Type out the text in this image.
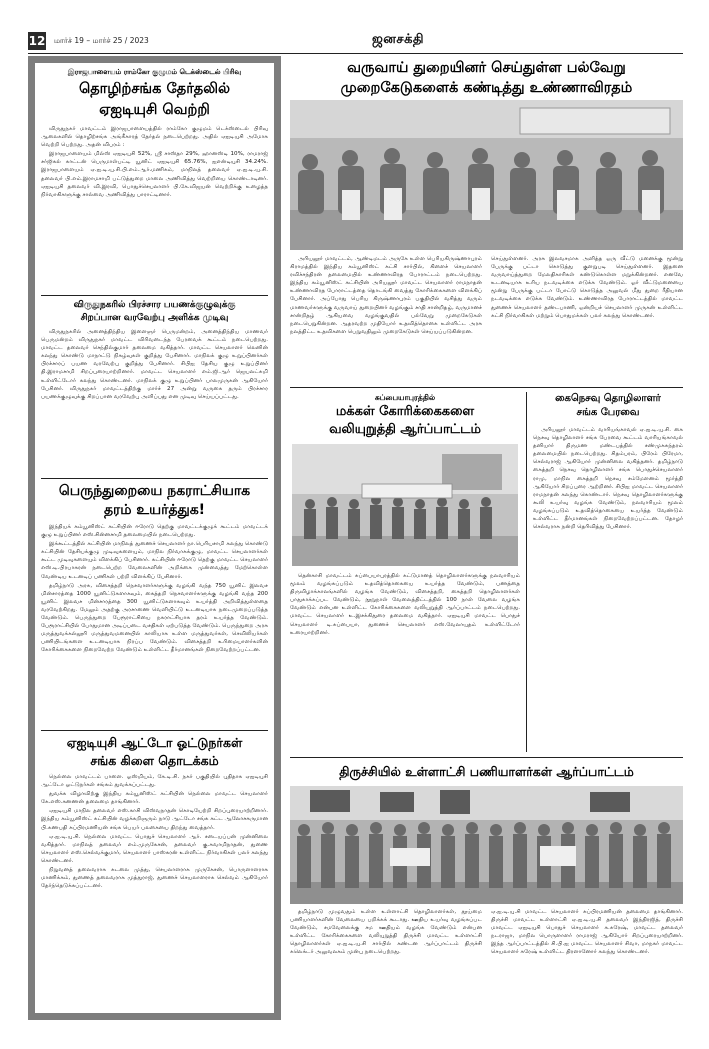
12 மார்ச் 19 – மார்ச் 25 / 2023	ஜனசக்தி
இராஜபாளையம் ராம்கோ குழுமம் டெக்ஸ்டைல் பிரிவு
தொழிற்சங்க தேர்தலில்
ஏஐடியுசி வெற்றி

விருதுநகர் மாவட்டம் இராஜபாளையத்தில் ராம்கோ குழுமம் டெக்ஸ்டைல் பிரிவு ஆலைகளில் தொழிற்சங்க அங்கீகாரத் தேர்தல் நடைபெற்றது. அதில் ஏஐடியுசி அமோக வெற்றி பெற்றது. அதன் விபரம் :

இராஜபாளையம் மில்ஸ் ஏஐடியுசி 52%, ஸ்ரீ சாஸ்தா 29%, ஹானஸ்டி 10%, ராமராஜ் சர்ஜிகல் காட்டன் பெருமாள்பட்டி யூனிட் ஏஐடியுசி 65.76%, ஐஎன்டியுசி 34.24%. இராஜபாளையம் ஏ.ஐ.டி.யு.சி.பி.எம்.ஆர்.மணிகம், மாநிலத் தலைவர் ஏ.ஐ.டி.யு.சி. தலைவர் பி.எம்.இராமசாமி பட்டுத்துறை மாலை அணிவித்து வெற்றியை கொண்டாடினர். ஏஐடியுசி தலைவர் வி.இரவி, பொதுச்செயலாளர் பி.கே.விஜயன் வெற்றிக்கு உழைத்த நிர்வாகிகளுக்கு சால்வை அணிவித்து பாராட்டினார்.

விருதுநகரில் பிரச்சார பயணக்குழுவுக்கு
சிறப்பான வரவேற்பு அளிக்க முடிவு

விருதுநகரில் அனைத்திந்திய இளைஞர் பெருமன்றம், அனைத்திந்திய மாணவர் பெருமன்றம் விருதுநகர் மாவட்ட விரிவடைந்த பேரவைக் கூட்டம் நடைபெற்றது. மாவட்ட தலைவர் செந்தில்குமார் தலைமை வகித்தார். மாவட்ட செயலாளர் லெனின் கலந்து கொண்டு மாநாட்டு நிகழ்வுகள் குறித்து பேசினார். மாநிலக் குழு உறுப்பினர்கள் பிரச்சாரப் பயண வரவேற்பு குறித்து பேசினார். சிபிஐ தேசிய குழு உறுப்பினர் தி.இராமசாமி சிறப்புரையாற்றினார். மாவட்ட செயலாளர் எம்.ஜி.ஆர் ஜெயலட்சுமி உள்ளிட்டோர் கலந்து கொண்டனர். மாநிலக் குழு உறுப்பினர் பாலமுருகன் ஆகியோர் பேசினர். விருதுநகர் மாவட்டத்திற்கு மார்ச் 27 அன்று வருகை தரும் பிரச்சார பயணக்குழுவுக்கு சிறப்பான வரவேற்பு அளிப்பது என முடிவு செய்யப்பட்டது.

பெருந்துறையை நகராட்சியாக
தரம் உயர்த்துக!

இந்தியக் கம்யூனிஸ்ட் கட்சியின் ஈரோடு தெற்கு மாவட்டக்குழுக் கூட்டம் மாவட்டக் குழு உறுப்பினர் எஸ்.சின்னசாமி தலைமையில் நடைபெற்றது.

இக்கூட்டத்தில் கட்சியின் மாநிலத் துணைச் செயலாளர் நா.பெரியசாமி கலந்து கொண்டு கட்சியின் தேசியக்குழு முடிவுகளையும், மாநில நிர்வாகக்குழு, மாவட்ட செயலாளர்கள் கூட்ட முடிவுகளையும் விளக்கிப் பேசினார். கட்சியின் ஈரோடு தெற்கு மாவட்ட செயலாளர் எஸ்.டி.பிரபாகரன் நடைபெற்ற வேலைகளின் அறிக்கை முன்வைத்து மேற்கொள்ள வேண்டிய உடனடிப் பணிகள் பற்றி விளக்கிப் பேசினார்.

தமிழ்நாடு அரசு, விசைத்தறி நெசவாளர்களுக்கு வழங்கி வந்த 750 யூனிட் இலவச மின்சாரத்தை 1000 யூனிட்டுகளாகவும், கைத்தறி நெசவாளர்களுக்கு வழங்கி வந்த 200 யூனிட் இலவச மின்சாரத்தை 300 யூனிட்டுகளாகவும் உயர்த்தி அறிவித்துள்ளதை வரவேற்கிறது. மேலும் அதற்கு அரசாணை வெளியிட்டு உடனடியாக நடைமுறைப்படுத்த வேண்டும். பெருந்துறை பேரூராட்சியை நகராட்சியாக தரம் உயர்த்த வேண்டும். பேரூராட்சியில் போதுமான அடிப்படை வசதிகள் ஏற்படுத்த வேண்டும். பெருந்துறை அரசு மருத்துவக்கல்லூரி மருத்துவமனையில் காலியாக உள்ள மருத்துவர்கள், செவிலியர்கள் பணியிடங்களை உடனடியாக நிரப்ப வேண்டும். விசைத்தறி உரிமையாளர்களின் கோரிக்கைகளை நிறைவேற்ற வேண்டும் உள்ளிட்ட தீர்மானங்கள் நிறைவேற்றப்பட்டன.

ஏஐடியுசி ஆட்டோ ஓட்டுநர்கள்
சங்க கிளை தொடக்கம்

நெல்லை மாவட்டம் பாளை. ஓஸ்மியம், கே.டி.சி. நகர் பகுதியில் புதிதாக ஏஐடியுசி ஆட்டோ ஓட்டுநர்கள் சங்கம் துவக்கப்பட்டது.

துவக்க விழாவிற்கு இந்திய கம்யூனிஸ்ட் கட்சியின் நெல்லை மாவட்ட செயலாளர் கே.எஸ்.கனணன் தலைமை தாங்கினார்.

ஏஐடியுசி மாநில தலைவர் எஸ்.காசி விஸ்வநாதன் கொடியேற்றி சிறப்புரையாற்றினார். இந்திய கம்யூனிஸ்ட் கட்சியின் வழக்கறிஞரும் நாடு ஆட்டோ சங்க கட்ட ஆலோசகருமான பி.கணபதி சுப்பிரமணியன் சங்க பெயர் பலகையை திறந்து வைத்தார்.

ஏ.ஐ.டி.யு.சி. நெல்லை மாவட்ட பொதுச் செயலாளர் ஆர். சடையப்பன் முன்னிலை வகித்தார். மாநிலத் தலைவர் எம்.முருகேசன், தலைவர் கு.சுவாமிநாதன், துணை செயலாளர் எஸ்.செல்வக்குமார், செயலாளர் பாஸ்கரன் உள்ளிட்ட நிர்வாகிகள் பலர் கலந்து கொண்டனர்.

நிறுவனத் தலைவராக சுடலை முத்து, செயலாளராக முருகேசன், பொருளாளராக மாணிக்கம், துணைத் தலைவராக முத்துராஜ், துணைச் செயலாளராக செல்வம் ஆகியோர் தேர்ந்தெடுக்கப்பட்டனர்.

வருவாய் துறையினர் செய்துள்ள பல்வேறு
முறைகேடுகளைக் கண்டித்து உண்ணாவிரதம்
அரியலூர் மாவட்டம், ஆண்டிமடம் அருகே உள்ள பெரியகிருஷ்ணாபுரம் கிராமத்தில் இந்திய கம்யூனிஸ்ட் கட்சி சார்பில், கிளைச் செயலாளர் ரவிச்சந்திரன் தலைமையில் உண்ணாவிரத போராட்டம் நடைபெற்றது. இந்திய கம்யூனிஸ்ட் கட்சியின் அரியலூர் மாவட்ட செயலாளர் ராமநாதன் உண்ணாவிரத போராட்டத்தை தொடங்கி வைத்து கோரிக்கைகளை விளக்கிப் பேசினார். அப்போது பெரிய கிருஷ்ணாபுரம் பகுதியில் வசித்து வரும் மாணவர்களுக்கு வருவாய் துறையினர் வழங்கும் சாதி சான்றிதழ், வருமானச் சான்றிதழ் ஆகியவை வழங்குவதில் பல்வேறு முறைகேடுகள் நடைபெறுகின்றன. ஆதரவற்ற முதியோர் உதவித்தொகை உள்ளிட்ட அரசு நலத்திட்ட உதவிகளை பெறுவதிலும் முறைகேடுகள் செய்யப்படுகின்றன.
செய்துள்ளனர். அரசு இலவசமாக அளித்த ஒரு வீட்டு மனைக்கு மூன்று பேருக்கு பட்டா கொடுத்து குளறுபடி செய்துள்ளனர். இதனை வருவாய்த்துறை மேலதிகாரிகள் கண்டுகொள்ள மறுக்கின்றனர். எனவே உடனடியாக உரிய நடவடிக்கை எடுக்க வேண்டும். ஓர் வீட்டுமனையை மூன்று பேருக்கு பட்டா போட்டு கொடுத்த அலுவல் மீது துறை ரீதியான நடவடிக்கை எடுக்க வேண்டும். உண்ணாவிரத போராட்டத்தில் மாவட்ட துணைச் செயலாளர் தண்டபாணி, ஒன்றியச் செயலாளர் முருகன் உள்ளிட்ட கட்சி நிர்வாகிகள் மற்றும் பொதுமக்கள் பலர் கலந்து கொண்டனர்.
சுப்பையாபுரத்தில்
மக்கள் கோரிக்கைகளை
வலியுறுத்தி ஆர்ப்பாட்டம்
தென்காசி மாவட்டம் சுப்பையாபுரத்தில் கட்டுமானத் தொழிலாளர்களுக்கு நலவாரியம் மூலம் வழங்கப்படும் உதவித்தொகையை உயர்த்த வேண்டும், பணத்தை திருவிழாக்காலங்களில் வழங்க வேண்டும், விசைத்தறி, கைத்தறி தொழிலாளர்கள் பாதுகாக்கப்பட வேண்டும், நூறுநாள் வேலைத்திட்டத்தில் 100 நாள் வேலை வழங்க வேண்டும் என்பன உள்ளிட்ட கோரிக்கைகளை வலியுறுத்தி ஆர்ப்பாட்டம் நடைபெற்றது. மாவட்ட செயலாளர் உ.இசக்கிதுரை தலைமை வகித்தார். ஏஐடியுசி மாவட்ட பொதுச் செயலாளர் டி.சுப்பையா, துணைச் செயலாளர் எஸ்.வேலாயுதம் உள்ளிட்டோர் உரையாற்றினர்.
கைநெசவு தொழிலாளர்
சங்க பேரவை
அரியலூர் மாவட்டம் வாரியங்காவல் ஏ.ஐ.டி.யு.சி. கை நெசவு தொழிலாளர் சங்க பேரவை கூட்டம் வாரியங்காவல் தனியார் திருமண மண்டபத்தில் சண்முகசுந்தரம் தலைமையில் நடைபெற்றது. சிதம்பரம், பிரேம் பிரேமா, செல்வராஜ் ஆகியோர் முன்னிலை வகித்தனர். தமிழ்நாடு கைத்தறி நெசவு தொழிலாளர் சங்க பொதுச்செயலாளர் ராமு, மாநில கைத்தறி நெசவு சம்மேளனம் மூர்த்தி ஆகியோர் சிறப்புரை ஆற்றினர். சிபிஐ மாவட்ட செயலாளர் ராமநாதன் கலந்து கொண்டார். நெசவு தொழிலாளர்களுக்கு கூலி உயர்வு வழங்க வேண்டும், நலவாரியம் மூலம் வழங்கப்படும் உதவித்தொகையை உயர்த்த வேண்டும் உள்ளிட்ட தீர்மானங்கள் நிறைவேற்றப்பட்டன. தோழர் செல்வராசு நன்றி தெரிவித்து பேசினார்.
திருச்சியில் உள்ளாட்சி பணியாளர்கள் ஆர்ப்பாட்டம்
தமிழ்நாடு முழுவதும் உள்ள உள்ளாட்சி தொழிலாளர்கள், தூய்மை பணியாளர்களின் வேலையை பறிக்கக் கூடாது. ஊதிய உயர்வு வழங்கப்பட வேண்டும், சமவேலைக்கு சம ஊதியம் வழங்க வேண்டும் என்பன உள்ளிட்ட கோரிக்கைகளை வலியுறுத்தி திருச்சி மாவட்ட உள்ளாட்சி தொழிலாளர்கள் ஏ.ஐ.டி.யு.சி சார்பில் கண்டன ஆர்ப்பாட்டம் திருச்சி கலெக்டர் அலுவலகம் முன்பு நடைபெற்றது.
ஏ.ஐ.டி.யு.சி மாவட்ட செயலாளர் சுப்பிரமணியன் தலைமை தாங்கினார். திருச்சி மாவட்ட உள்ளாட்சி ஏ.ஐ.டி.யு.சி தலைவர் இந்திரஜித், திருச்சி மாவட்ட ஏஐடியுசி பொதுச் செயலாளர் க.சுரேஷ், மாவட்ட தலைவர் நடராஜா, மாநில பொருளாளர் ராமராஜ் ஆகியோர் சிறப்புரையாற்றினர். இந்த ஆர்ப்பாட்டத்தில் சி.பி.ஐ மாவட்ட செயலாளர் சிவா, மாநகர் மாவட்ட செயலாளர் சுரேஷ் உள்ளிட்ட திரளானோர் கலந்து கொண்டனர்.
